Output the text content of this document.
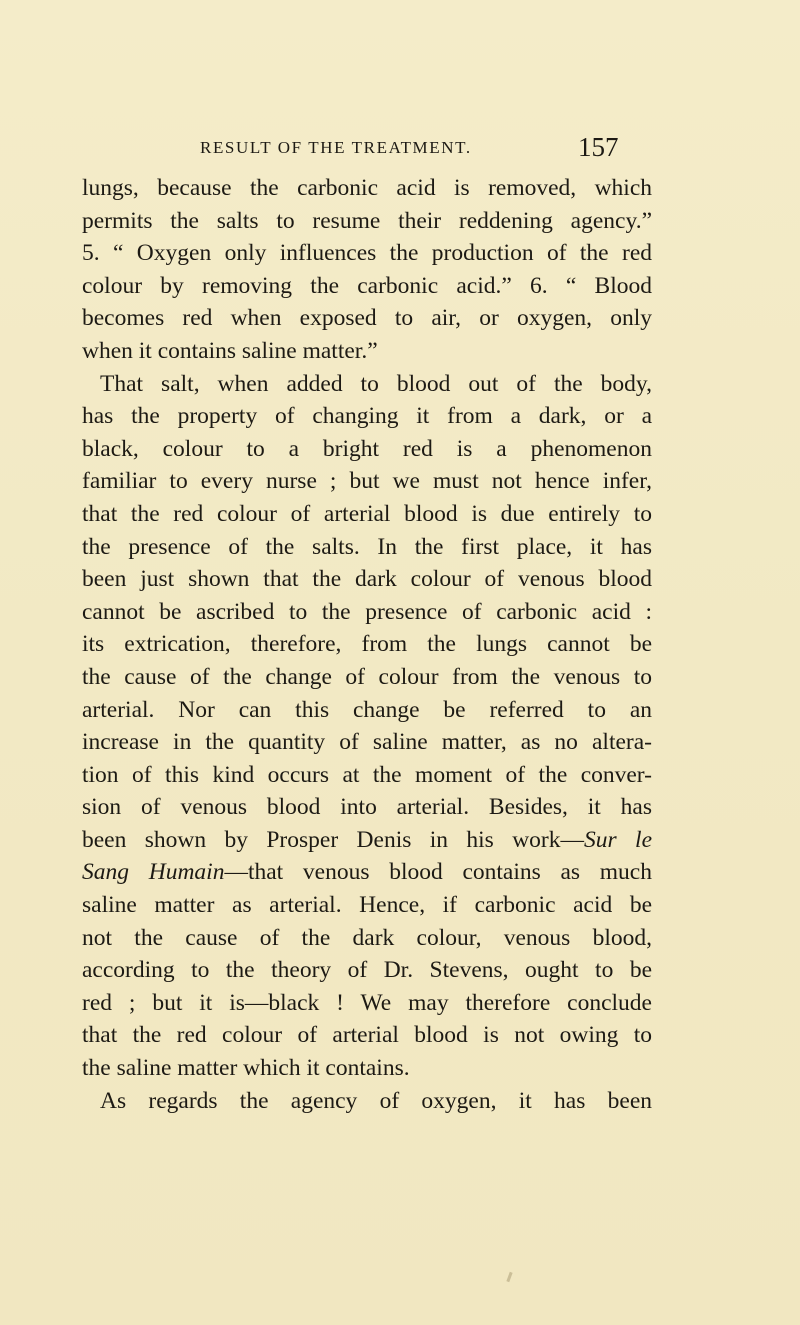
RESULT OF THE TREATMENT.	157
lungs, because the carbonic acid is removed, which
permits the salts to resume their reddening agency.”
5. “ Oxygen only influences the production of the red
colour by removing the carbonic acid.” 6. “ Blood
becomes red when exposed to air, or oxygen, only
when it contains saline matter.”
That salt, when added to blood out of the body,
has the property of changing it from a dark, or a
black, colour to a bright red is a phenomenon
familiar to every nurse ; but we must not hence infer,
that the red colour of arterial blood is due entirely to
the presence of the salts. In the first place, it has
been just shown that the dark colour of venous blood
cannot be ascribed to the presence of carbonic acid :
its extrication, therefore, from the lungs cannot be
the cause of the change of colour from the venous to
arterial. Nor can this change be referred to an
increase in the quantity of saline matter, as no altera-
tion of this kind occurs at the moment of the conver-
sion of venous blood into arterial. Besides, it has
been shown by Prosper Denis in his work—Sur le
Sang Humain—that venous blood contains as much
saline matter as arterial. Hence, if carbonic acid be
not the cause of the dark colour, venous blood,
according to the theory of Dr. Stevens, ought to be
red ; but it is—black ! We may therefore conclude
that the red colour of arterial blood is not owing to
the saline matter which it contains.
As regards the agency of oxygen, it has been
